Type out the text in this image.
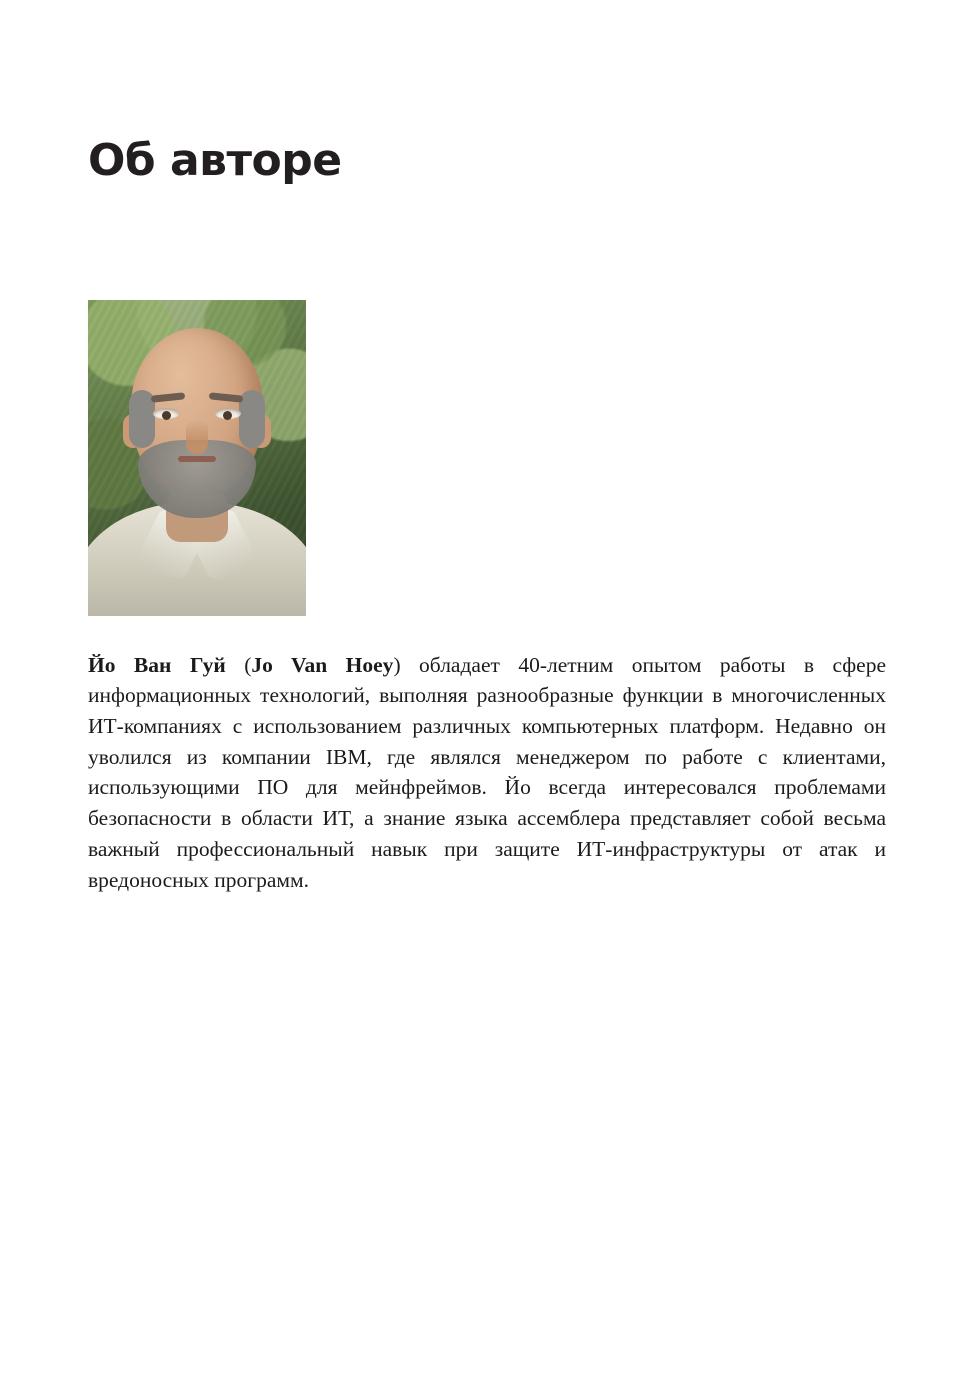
Об авторе

Йо Ван Гуй (Jo Van Hoey) обладает 40-летним опытом работы в сфере информационных технологий, выполняя разнообразные функции в многочисленных ИТ-компаниях с использованием различных компьютерных платформ. Недавно он уволился из компании IBM, где являлся менеджером по работе с клиентами, использующими ПО для мейнфреймов. Йо всегда интересовался проблемами безопасности в области ИТ, а знание языка ассемблера представляет собой весьма важный профессиональный навык при защите ИТ-инфраструктуры от атак и вредоносных программ.
